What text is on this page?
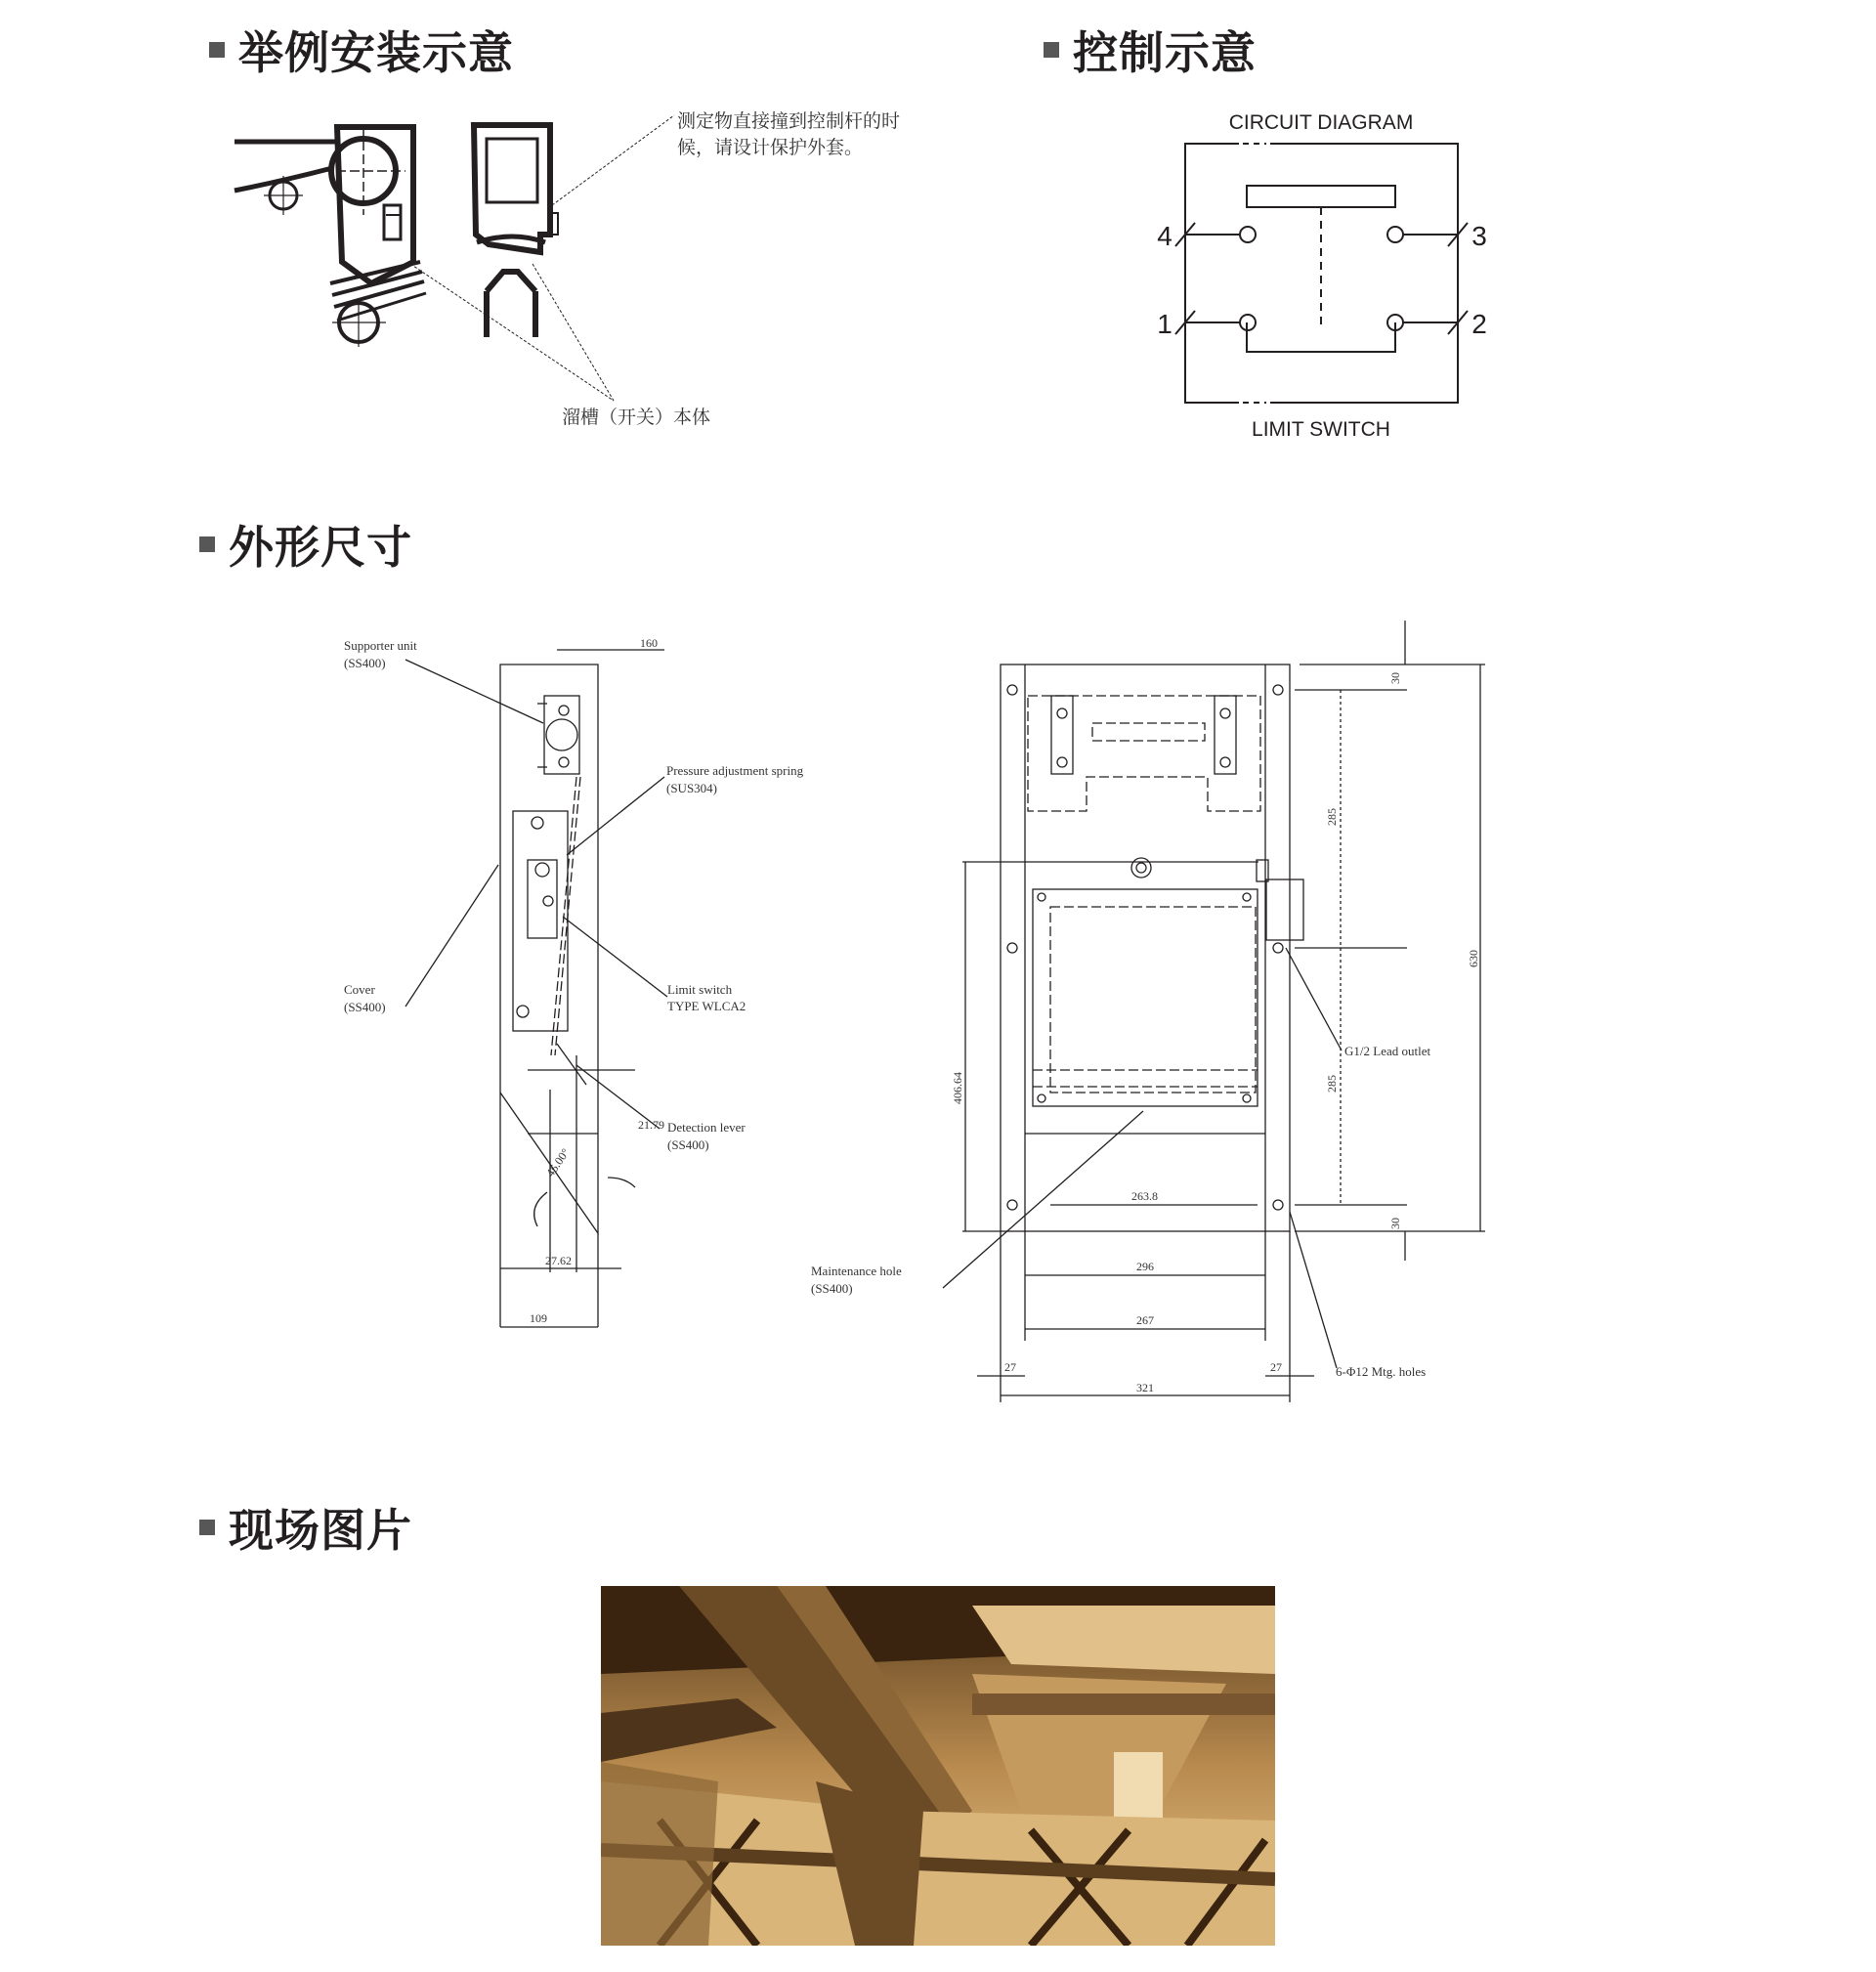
举例安装示意	控制示意
外形尺寸
现场图片
测定物直接撞到控制杆的时
候，请设计保护外套。
溜槽（开关）本体
CIRCUIT DIAGRAM
LIMIT SWITCH
4	3
1	2
Supporter unit
(SS400)
Pressure adjustment spring
(SUS304)
Cover
(SS400)
Limit switch
TYPE WLCA2
Detection lever
(SS400)
160
21.79
45.00°
27.62
109
G1/2 Lead outlet
Maintenance hole
(SS400)
6-Φ12 Mtg. holes
30
285
285
30
630
406.64
263.8
296
267
27	27
321
